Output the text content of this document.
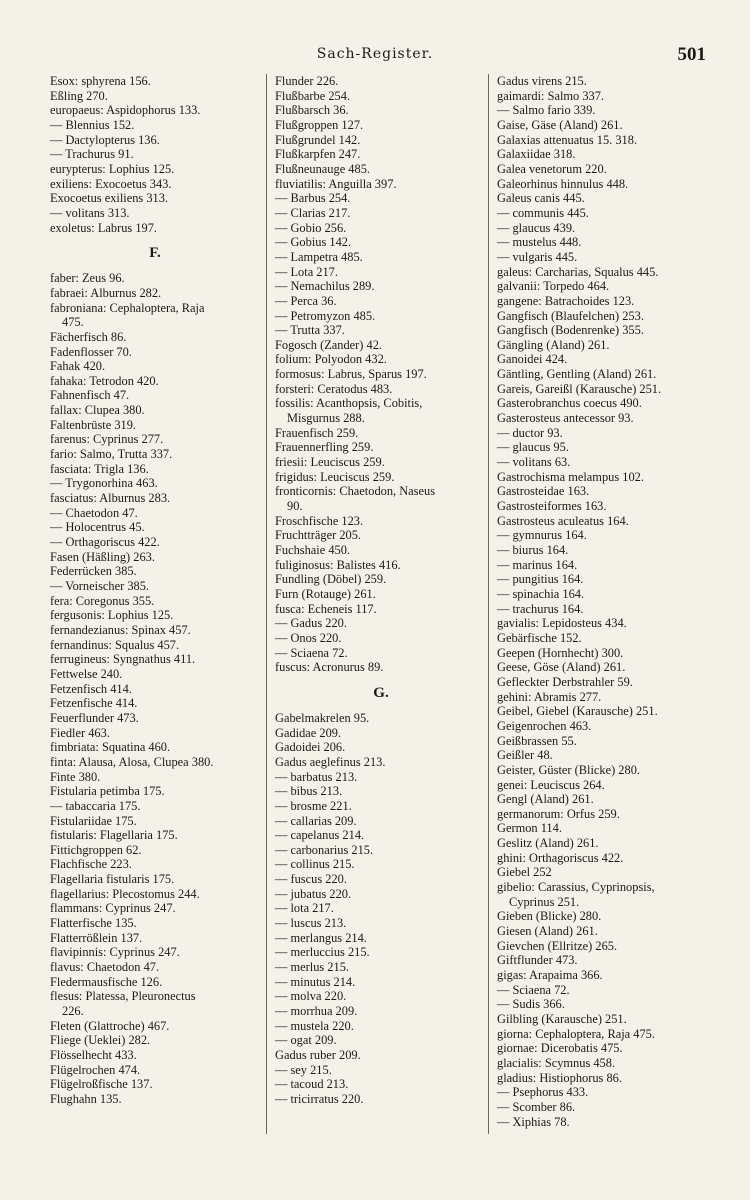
Sach-Register.	501
Esox: sphyrena 156.
Eßling 270.
europaeus: Aspidophorus 133.
— Blennius 152.
— Dactylopterus 136.
— Trachurus 91.
eurypterus: Lophius 125.
exiliens: Exocoetus 343.
Exocoetus exiliens 313.
— volitans 313.
exoletus: Labrus 197.
F.
faber: Zeus 96.
fabraei: Alburnus 282.
fabroniana: Cephaloptera, Raja
475.
Fächerfisch 86.
Fadenflosser 70.
Fahak 420.
fahaka: Tetrodon 420.
Fahnenfisch 47.
fallax: Clupea 380.
Faltenbrüste 319.
farenus: Cyprinus 277.
fario: Salmo, Trutta 337.
fasciata: Trigla 136.
— Trygonorhina 463.
fasciatus: Alburnus 283.
— Chaetodon 47.
— Holocentrus 45.
— Orthagoriscus 422.
Fasen (Häßling) 263.
Federrücken 385.
— Vorneischer 385.
fera: Coregonus 355.
fergusonis: Lophius 125.
fernandezianus: Spinax 457.
fernandinus: Squalus 457.
ferrugineus: Syngnathus 411.
Fettwelse 240.
Fetzenfisch 414.
Fetzenfische 414.
Feuerflunder 473.
Fiedler 463.
fimbriata: Squatina 460.
finta: Alausa, Alosa, Clupea 380.
Finte 380.
Fistularia petimba 175.
— tabaccaria 175.
Fistulariidae 175.
fistularis: Flagellaria 175.
Fittichgroppen 62.
Flachfische 223.
Flagellaria fistularis 175.
flagellarius: Plecostomus 244.
flammans: Cyprinus 247.
Flatterfische 135.
Flatterrößlein 137.
flavipinnis: Cyprinus 247.
flavus: Chaetodon 47.
Fledermausfische 126.
flesus: Platessa, Pleuronectus
226.
Fleten (Glattroche) 467.
Fliege (Ueklei) 282.
Flösselhecht 433.
Flügelrochen 474.
Flügelroßfische 137.
Flughahn 135.
Flunder 226.
Flußbarbe 254.
Flußbarsch 36.
Flußgroppen 127.
Flußgrundel 142.
Flußkarpfen 247.
Flußneunauge 485.
fluviatilis: Anguilla 397.
— Barbus 254.
— Clarias 217.
— Gobio 256.
— Gobius 142.
— Lampetra 485.
— Lota 217.
— Nemachilus 289.
— Perca 36.
— Petromyzon 485.
— Trutta 337.
Fogosch (Zander) 42.
folium: Polyodon 432.
formosus: Labrus, Sparus 197.
forsteri: Ceratodus 483.
fossilis: Acanthopsis, Cobitis,
Misgurnus 288.
Frauenfisch 259.
Frauennerfling 259.
friesii: Leuciscus 259.
frigidus: Leuciscus 259.
fronticornis: Chaetodon, Naseus
90.
Froschfische 123.
Fruchtträger 205.
Fuchshaie 450.
fuliginosus: Balistes 416.
Fundling (Döbel) 259.
Furn (Rotauge) 261.
fusca: Echeneis 117.
— Gadus 220.
— Onos 220.
— Sciaena 72.
fuscus: Acronurus 89.
G.
Gabelmakrelen 95.
Gadidae 209.
Gadoidei 206.
Gadus aeglefinus 213.
— barbatus 213.
— bibus 213.
— brosme 221.
— callarias 209.
— capelanus 214.
— carbonarius 215.
— collinus 215.
— fuscus 220.
— jubatus 220.
— lota 217.
— luscus 213.
— merlangus 214.
— merluccius 215.
— merlus 215.
— minutus 214.
— molva 220.
— morrhua 209.
— mustela 220.
— ogat 209.
Gadus ruber 209.
— sey 215.
— tacoud 213.
— tricirratus 220.
Gadus virens 215.
gaimardi: Salmo 337.
— Salmo fario 339.
Gaise, Gäse (Aland) 261.
Galaxias attenuatus 15. 318.
Galaxiidae 318.
Galea venetorum 220.
Galeorhinus hinnulus 448.
Galeus canis 445.
— communis 445.
— glaucus 439.
— mustelus 448.
— vulgaris 445.
galeus: Carcharias, Squalus 445.
galvanii: Torpedo 464.
gangene: Batrachoides 123.
Gangfisch (Blaufelchen) 253.
Gangfisch (Bodenrenke) 355.
Gängling (Aland) 261.
Ganoidei 424.
Gäntling, Gentling (Aland) 261.
Gareis, Gareißl (Karausche) 251.
Gasterobranchus coecus 490.
Gasterosteus antecessor 93.
— ductor 93.
— glaucus 95.
— volitans 63.
Gastrochisma melampus 102.
Gastrosteidae 163.
Gastrosteiformes 163.
Gastrosteus aculeatus 164.
— gymnurus 164.
— biurus 164.
— marinus 164.
— pungitius 164.
— spinachia 164.
— trachurus 164.
gavialis: Lepidosteus 434.
Gebärfische 152.
Geepen (Hornhecht) 300.
Geese, Göse (Aland) 261.
Gefleckter Derbstrahler 59.
gehini: Abramis 277.
Geibel, Giebel (Karausche) 251.
Geigenrochen 463.
Geißbrassen 55.
Geißler 48.
Geister, Güster (Blicke) 280.
genei: Leuciscus 264.
Gengl (Aland) 261.
germanorum: Orfus 259.
Germon 114.
Geslitz (Aland) 261.
ghini: Orthagoriscus 422.
Giebel 252
gibelio: Carassius, Cyprinopsis,
Cyprinus 251.
Gieben (Blicke) 280.
Giesen (Aland) 261.
Gievchen (Ellritze) 265.
Giftflunder 473.
gigas: Arapaima 366.
— Sciaena 72.
— Sudis 366.
Gilbling (Karausche) 251.
giorna: Cephaloptera, Raja 475.
giornae: Dicerobatis 475.
glacialis: Scymnus 458.
gladius: Histiophorus 86.
— Psephorus 433.
— Scomber 86.
— Xiphias 78.
